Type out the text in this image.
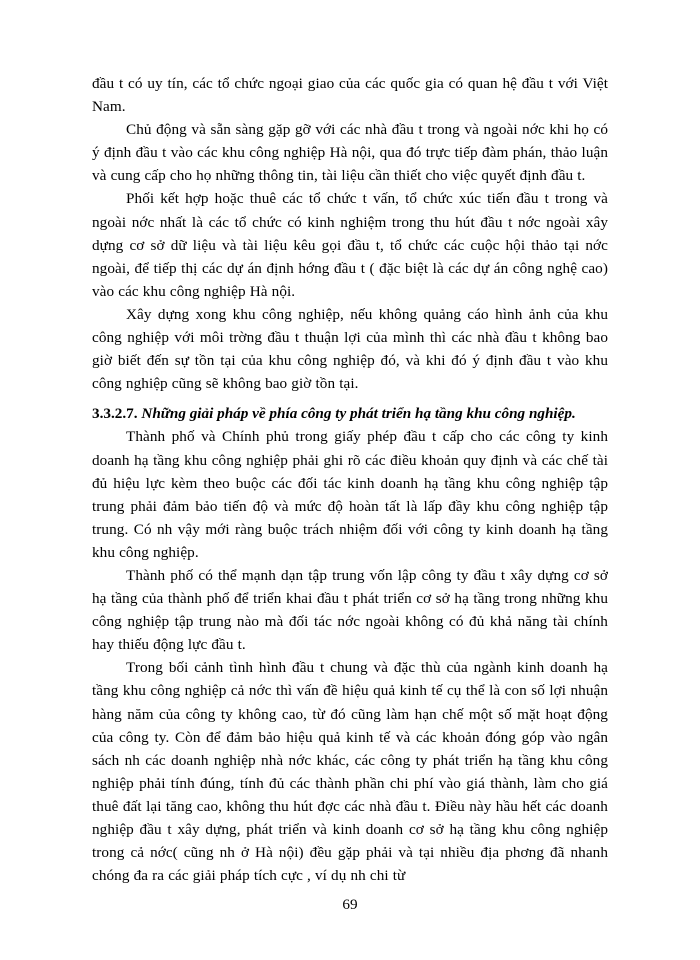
đầu t có uy tín, các tổ chức ngoại giao của các quốc gia có quan hệ đầu t với Việt Nam.

Chủ động và sẵn sàng gặp gỡ với các nhà đầu t trong và ngoài nớc khi họ có ý định đầu t vào các khu công nghiệp Hà nội, qua đó trực tiếp đàm phán, thảo luận và cung cấp cho họ những thông tin, tài liệu cần thiết cho việc quyết định đầu t.

Phối kết hợp hoặc thuê các tổ chức t vấn, tổ chức xúc tiến đầu t trong và ngoài nớc nhất là các tổ chức có kinh nghiệm trong thu hút đầu t nớc ngoài xây dựng cơ sở dữ liệu và tài liệu kêu gọi đầu t, tổ chức các cuộc hội thảo tại nớc ngoài, để tiếp thị các dự án định hớng đầu t ( đặc biệt là các dự án công nghệ cao) vào các khu công nghiệp Hà nội.

Xây dựng xong khu công nghiệp, nếu không quảng cáo hình ảnh của khu công nghiệp với môi trờng đầu t thuận lợi của mình thì các nhà đầu t không bao giờ biết đến sự tồn tại của khu công nghiệp đó, và khi đó ý định đầu t vào khu công nghiệp cũng sẽ không bao giờ tồn tại.

3.3.2.7. Những giải pháp về phía công ty phát triển hạ tầng khu công nghiệp.

Thành phố và Chính phủ trong giấy phép đầu t cấp cho các công ty kinh doanh hạ tầng khu công nghiệp phải ghi rõ các điều khoản quy định và các chế tài đủ hiệu lực kèm theo buộc các đối tác kinh doanh hạ tầng khu công nghiệp tập trung phải đảm bảo tiến độ và mức độ hoàn tất là lấp đầy khu công nghiệp tập trung. Có nh vậy mới ràng buộc trách nhiệm đối với công ty kinh doanh hạ tầng khu công nghiệp.

Thành phố có thể mạnh dạn tập trung vốn lập công ty đầu t xây dựng cơ sở hạ tầng của thành phố để triển khai đầu t phát triển cơ sở hạ tầng trong những khu công nghiệp tập trung nào mà đối tác nớc ngoài không có đủ khả năng tài chính hay thiếu động lực đầu t.

Trong bối cảnh tình hình đầu t chung và đặc thù của ngành kinh doanh hạ tầng khu công nghiệp cả nớc thì vấn đề hiệu quả kinh tế cụ thể là con số lợi nhuận hàng năm của công ty không cao, từ đó cũng làm hạn chế một số mặt hoạt động của công ty. Còn để đảm bảo hiệu quả kinh tế và các khoản đóng góp vào ngân sách nh các doanh nghiệp nhà nớc khác, các công ty phát triển hạ tầng khu công nghiệp phải tính đúng, tính đủ các thành phần chi phí vào giá thành, làm cho giá thuê đất lại tăng cao, không thu hút đợc các nhà đầu t. Điều này hầu hết các doanh nghiệp đầu t xây dựng, phát triển và kinh doanh cơ sở hạ tầng khu công nghiệp trong cả nớc( cũng nh ở Hà nội) đều gặp phải và tại nhiều địa phơng đã nhanh chóng đa ra các giải pháp tích cực , ví dụ nh chi từ

69
